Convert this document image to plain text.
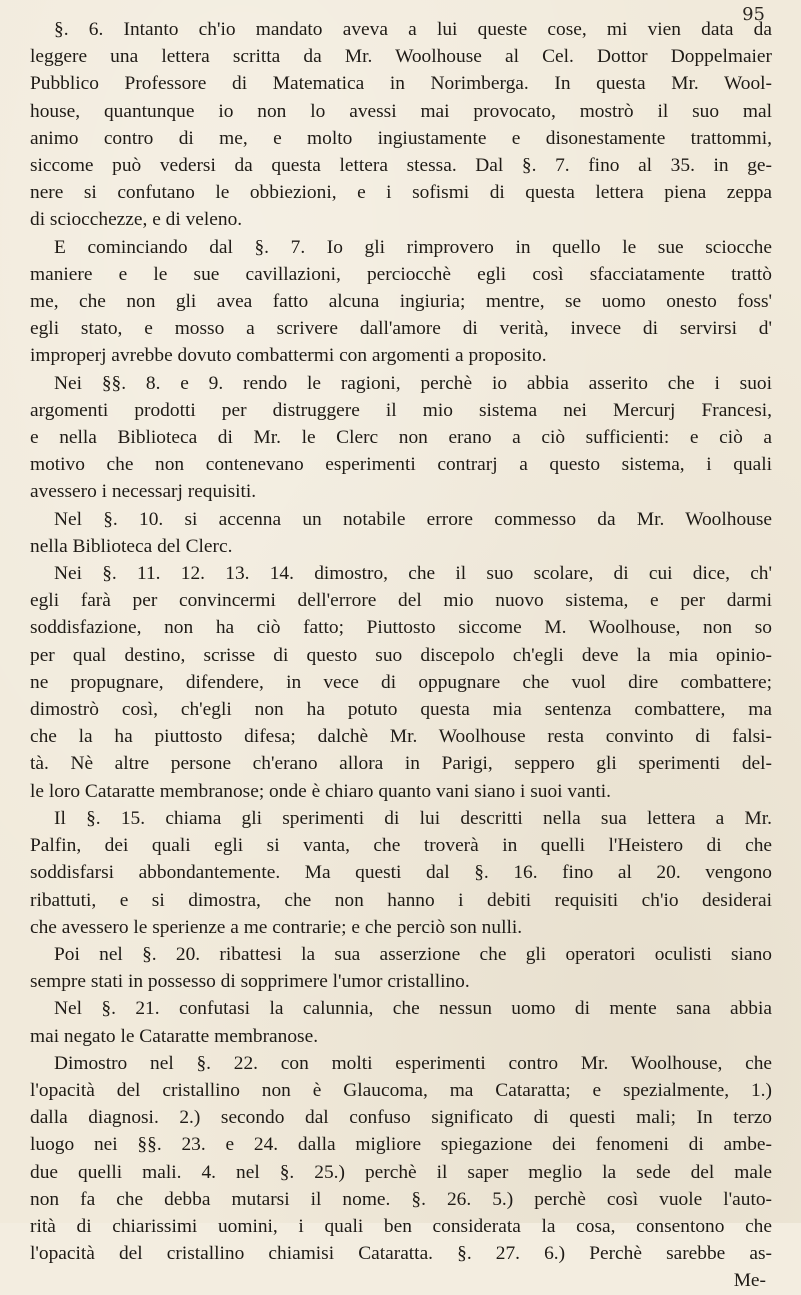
95
§. 6. Intanto ch'io mandato aveva a lui queste cose, mi vien data da
leggere una lettera scritta da Mr. Woolhouse al Cel. Dottor Doppelmaier
Pubblico Professore di Matematica in Norimberga. In questa Mr. Wool-
house, quantunque io non lo avessi mai provocato, mostrò il suo mal
animo contro di me, e molto ingiustamente e disonestamente trattommi,
siccome può vedersi da questa lettera stessa. Dal §. 7. fino al 35. in ge-
nere si confutano le obbiezioni, e i sofismi di questa lettera piena zeppa
di sciocchezze, e di veleno.
E cominciando dal §. 7. Io gli rimprovero in quello le sue sciocche
maniere e le sue cavillazioni, perciocchè egli così sfacciatamente trattò
me, che non gli avea fatto alcuna ingiuria; mentre, se uomo onesto foss'
egli stato, e mosso a scrivere dall'amore di verità, invece di servirsi d'
improperj avrebbe dovuto combattermi con argomenti a proposito.
Nei §§. 8. e 9. rendo le ragioni, perchè io abbia asserito che i suoi
argomenti prodotti per distruggere il mio sistema nei Mercurj Francesi,
e nella Biblioteca di Mr. le Clerc non erano a ciò sufficienti: e ciò a
motivo che non contenevano esperimenti contrarj a questo sistema, i quali
avessero i necessarj requisiti.
Nel §. 10. si accenna un notabile errore commesso da Mr. Woolhouse
nella Biblioteca del Clerc.
Nei §. 11. 12. 13. 14. dimostro, che il suo scolare, di cui dice, ch'
egli farà per convincermi dell'errore del mio nuovo sistema, e per darmi
soddisfazione, non ha ciò fatto; Piuttosto siccome M. Woolhouse, non so
per qual destino, scrisse di questo suo discepolo ch'egli deve la mia opinio-
ne propugnare, difendere, in vece di oppugnare che vuol dire combattere;
dimostrò così, ch'egli non ha potuto questa mia sentenza combattere, ma
che la ha piuttosto difesa; dalchè Mr. Woolhouse resta convinto di falsi-
tà. Nè altre persone ch'erano allora in Parigi, seppero gli sperimenti del-
le loro Cataratte membranose; onde è chiaro quanto vani siano i suoi vanti.
Il §. 15. chiama gli sperimenti di lui descritti nella sua lettera a Mr.
Palfin, dei quali egli si vanta, che troverà in quelli l'Heistero di che
soddisfarsi abbondantemente. Ma questi dal §. 16. fino al 20. vengono
ribattuti, e si dimostra, che non hanno i debiti requisiti ch'io desiderai
che avessero le sperienze a me contrarie; e che perciò son nulli.
Poi nel §. 20. ribattesi la sua asserzione che gli operatori oculisti siano
sempre stati in possesso di sopprimere l'umor cristallino.
Nel §. 21. confutasi la calunnia, che nessun uomo di mente sana abbia
mai negato le Cataratte membranose.
Dimostro nel §. 22. con molti esperimenti contro Mr. Woolhouse, che
l'opacità del cristallino non è Glaucoma, ma Cataratta; e spezialmente, 1.)
dalla diagnosi. 2.) secondo dal confuso significato di questi mali; In terzo
luogo nei §§. 23. e 24. dalla migliore spiegazione dei fenomeni di ambe-
due quelli mali. 4. nel §. 25.) perchè il saper meglio la sede del male
non fa che debba mutarsi il nome. §. 26. 5.) perchè così vuole l'auto-
rità di chiarissimi uomini, i quali ben considerata la cosa, consentono che
l'opacità del cristallino chiamisi Cataratta. §. 27. 6.) Perchè sarebbe as-
Me-
